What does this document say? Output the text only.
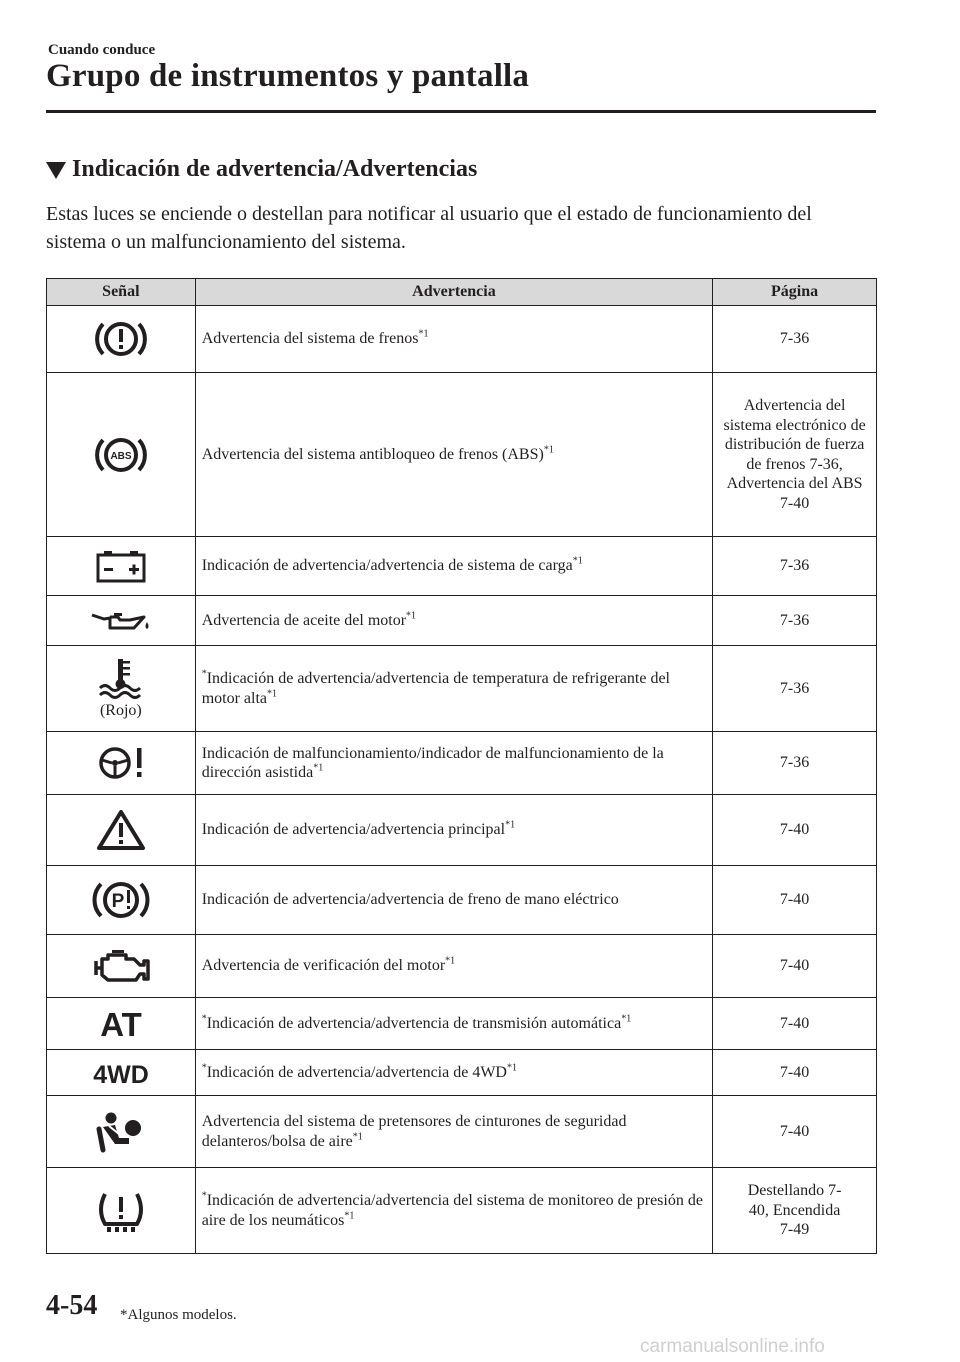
Cuando conduce
Grupo de instrumentos y pantalla
Indicación de advertencia/Advertencias
Estas luces se enciende o destellan para notificar al usuario que el estado de funcionamiento del sistema o un malfuncionamiento del sistema.
Señal	Advertencia	Página

	Advertencia del sistema de frenos$^{*1}$	7-36

ABS	Advertencia del sistema antibloqueo de frenos (ABS)$^{*1}$	Advertencia del sistema electrónico de distribución de fuerza de frenos 7-36, Advertencia del ABS 7-40

	Indicación de advertencia/advertencia de sistema de carga$^{*1}$	7-36

	Advertencia de aceite del motor$^{*1}$	7-36

(Rojo)	*Indicación de advertencia/advertencia de temperatura de refrigerante del motor alta$^{*1}$	7-36

	Indicación de malfuncionamiento/indicador de malfuncionamiento de la dirección asistida$^{*1}$	7-36

	Indicación de advertencia/advertencia principal$^{*1}$	7-40

P	Indicación de advertencia/advertencia de freno de mano eléctrico	7-40

	Advertencia de verificación del motor$^{*1}$	7-40

AT	*Indicación de advertencia/advertencia de transmisión automática$^{*1}$	7-40

4WD	*Indicación de advertencia/advertencia de 4WD$^{*1}$	7-40

	Advertencia del sistema de pretensores de cinturones de seguridad delanteros/bolsa de aire$^{*1}$	7-40

	*Indicación de advertencia/advertencia del sistema de monitoreo de presión de aire de los neumáticos$^{*1}$	Destellando 7-40, Encendida 7-49
4-54 *Algunos modelos.
carmanualsonline.info
